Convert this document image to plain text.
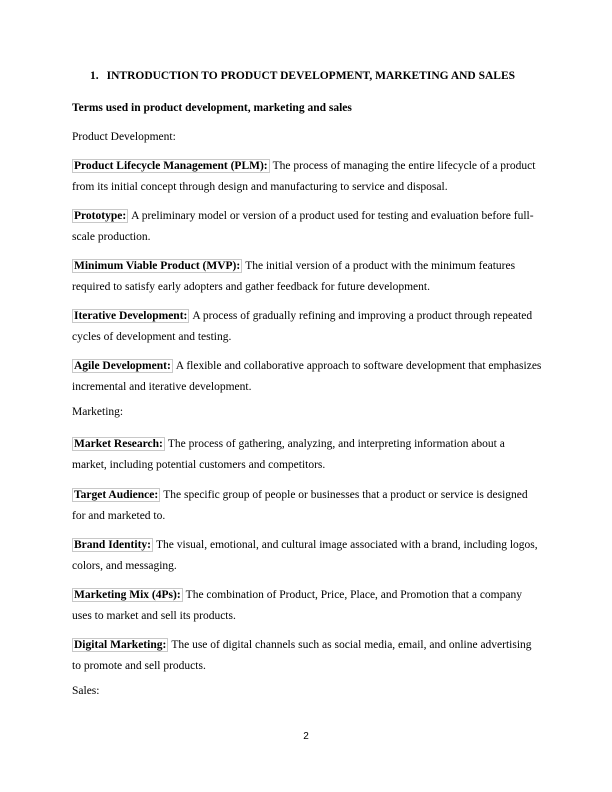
1. INTRODUCTION TO PRODUCT DEVELOPMENT, MARKETING AND SALES
Terms used in product development, marketing and sales
Product Development:
Product Lifecycle Management (PLM): The process of managing the entire lifecycle of a product from its initial concept through design and manufacturing to service and disposal.
Prototype: A preliminary model or version of a product used for testing and evaluation before full-scale production.
Minimum Viable Product (MVP): The initial version of a product with the minimum features required to satisfy early adopters and gather feedback for future development.
Iterative Development: A process of gradually refining and improving a product through repeated cycles of development and testing.
Agile Development: A flexible and collaborative approach to software development that emphasizes incremental and iterative development.
Marketing:
Market Research: The process of gathering, analyzing, and interpreting information about a market, including potential customers and competitors.
Target Audience: The specific group of people or businesses that a product or service is designed for and marketed to.
Brand Identity: The visual, emotional, and cultural image associated with a brand, including logos, colors, and messaging.
Marketing Mix (4Ps): The combination of Product, Price, Place, and Promotion that a company uses to market and sell its products.
Digital Marketing: The use of digital channels such as social media, email, and online advertising to promote and sell products.
Sales:
2
